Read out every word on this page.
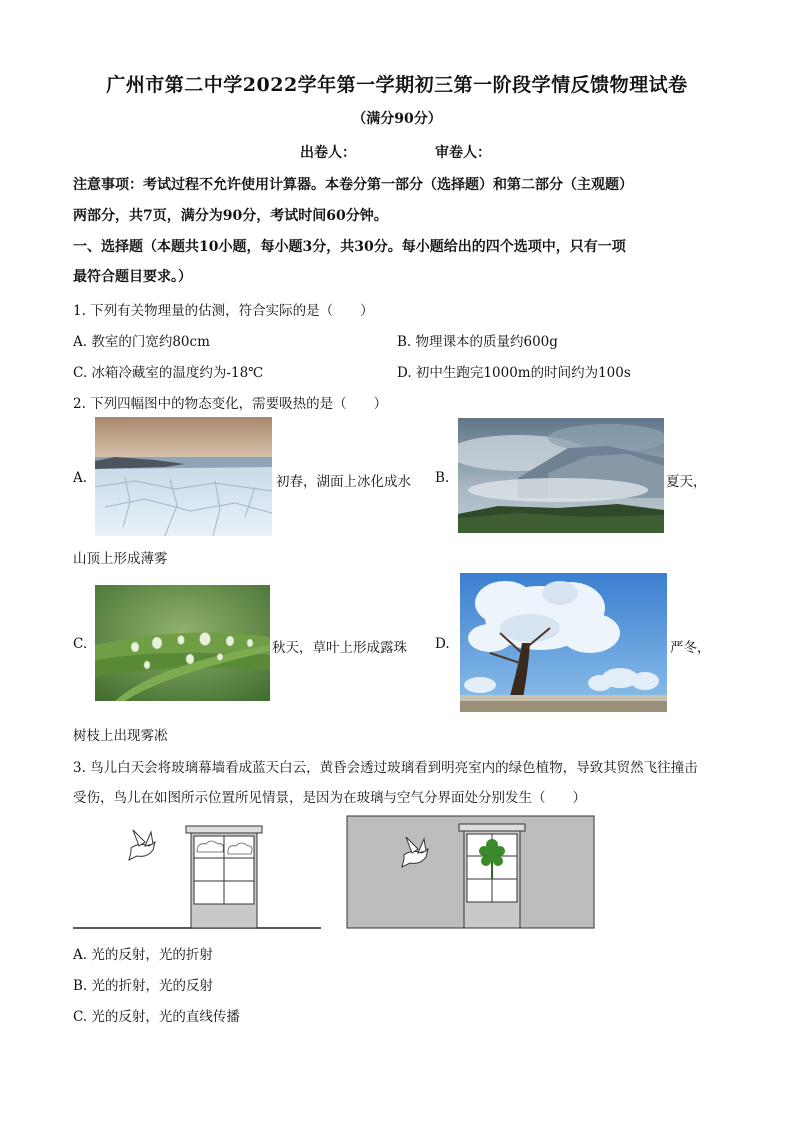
广州市第二中学2022学年第一学期初三第一阶段学情反馈物理试卷
（满分90分）
出卷人：	审卷人：
注意事项：考试过程不允许使用计算器。本卷分第一部分（选择题）和第二部分（主观题）
两部分，共7页，满分为90分，考试时间60分钟。
一、选择题（本题共10小题，每小题3分，共30分。每小题给出的四个选项中，只有一项
最符合题目要求。）
1. 下列有关物理量的估测，符合实际的是（　　）
A. 教室的门宽约80cm	B. 物理课本的质量约600g
C. 冰箱冷藏室的温度约为-18℃	D. 初中生跑完1000m的时间约为100s
2. 下列四幅图中的物态变化，需要吸热的是（　　）
A.	初春，湖面上冰化成水 B.	夏天，
山顶上形成薄雾
C.	秋天，草叶上形成露珠 D.	严冬，
树枝上出现雾凇
3. 鸟儿白天会将玻璃幕墙看成蓝天白云，黄昏会透过玻璃看到明亮室内的绿色植物，导致其贸然飞往撞击
受伤，鸟儿在如图所示位置所见情景，是因为在玻璃与空气分界面处分别发生（　　）
A. 光的反射，光的折射
B. 光的折射，光的反射
C. 光的反射，光的直线传播
